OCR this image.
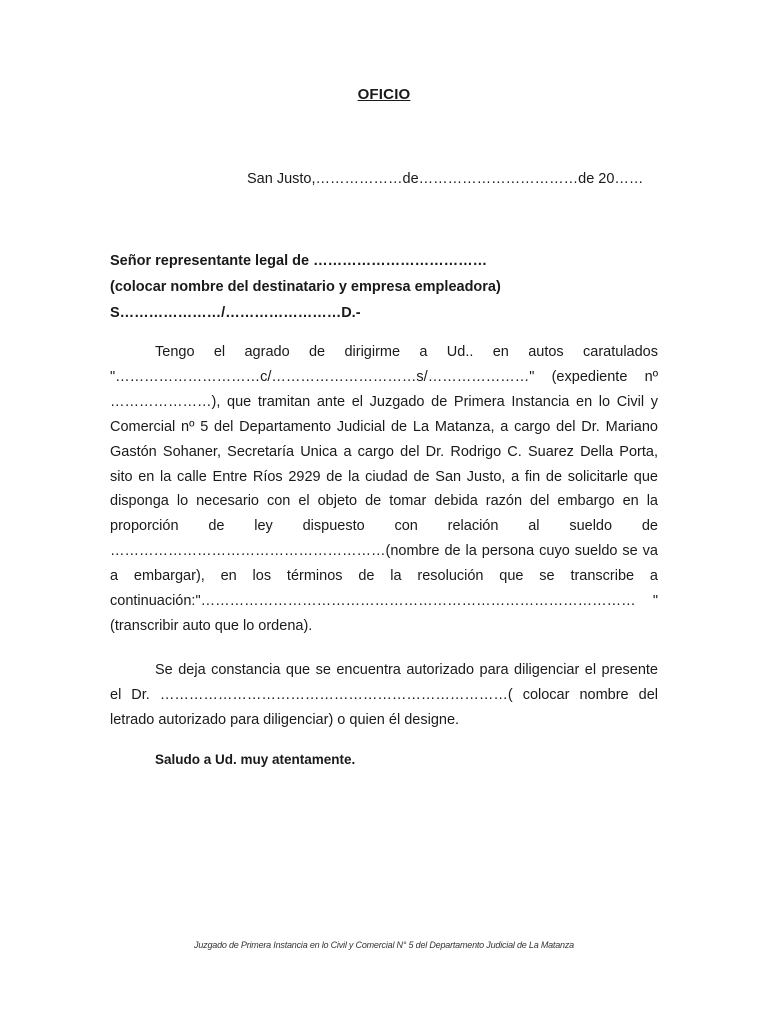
OFICIO
San Justo,………………de……………………………de 20……
Señor representante legal de ………………………………
(colocar nombre del destinatario y empresa empleadora)
S…………………/……………………D.-
Tengo el agrado de dirigirme a Ud.. en autos caratulados "…………………………c/…………………………s/…………………" (expediente nº …………………), que tramitan ante el Juzgado de Primera Instancia en lo Civil y Comercial nº 5 del Departamento Judicial de La Matanza, a cargo del Dr. Mariano Gastón Sohaner, Secretaría Unica a cargo del Dr. Rodrigo C. Suarez Della Porta, sito en la calle Entre Ríos 2929 de la ciudad de San Justo, a fin de solicitarle que disponga lo necesario con el objeto de tomar debida razón del embargo en la proporción de ley dispuesto con relación al sueldo de …………………………………………………(nombre de la persona cuyo sueldo se va a embargar), en los términos de la resolución que se transcribe a continuación:"……………………………………………………………………………… " (transcribir auto que lo ordena).
Se deja constancia que se encuentra autorizado para diligenciar el presente el Dr. ………………………………………………………………( colocar nombre del letrado autorizado para diligenciar) o quien él designe.
Saludo a Ud. muy atentamente.
Juzgado de Primera Instancia en lo Civil y Comercial N° 5 del Departamento Judicial de La Matanza
